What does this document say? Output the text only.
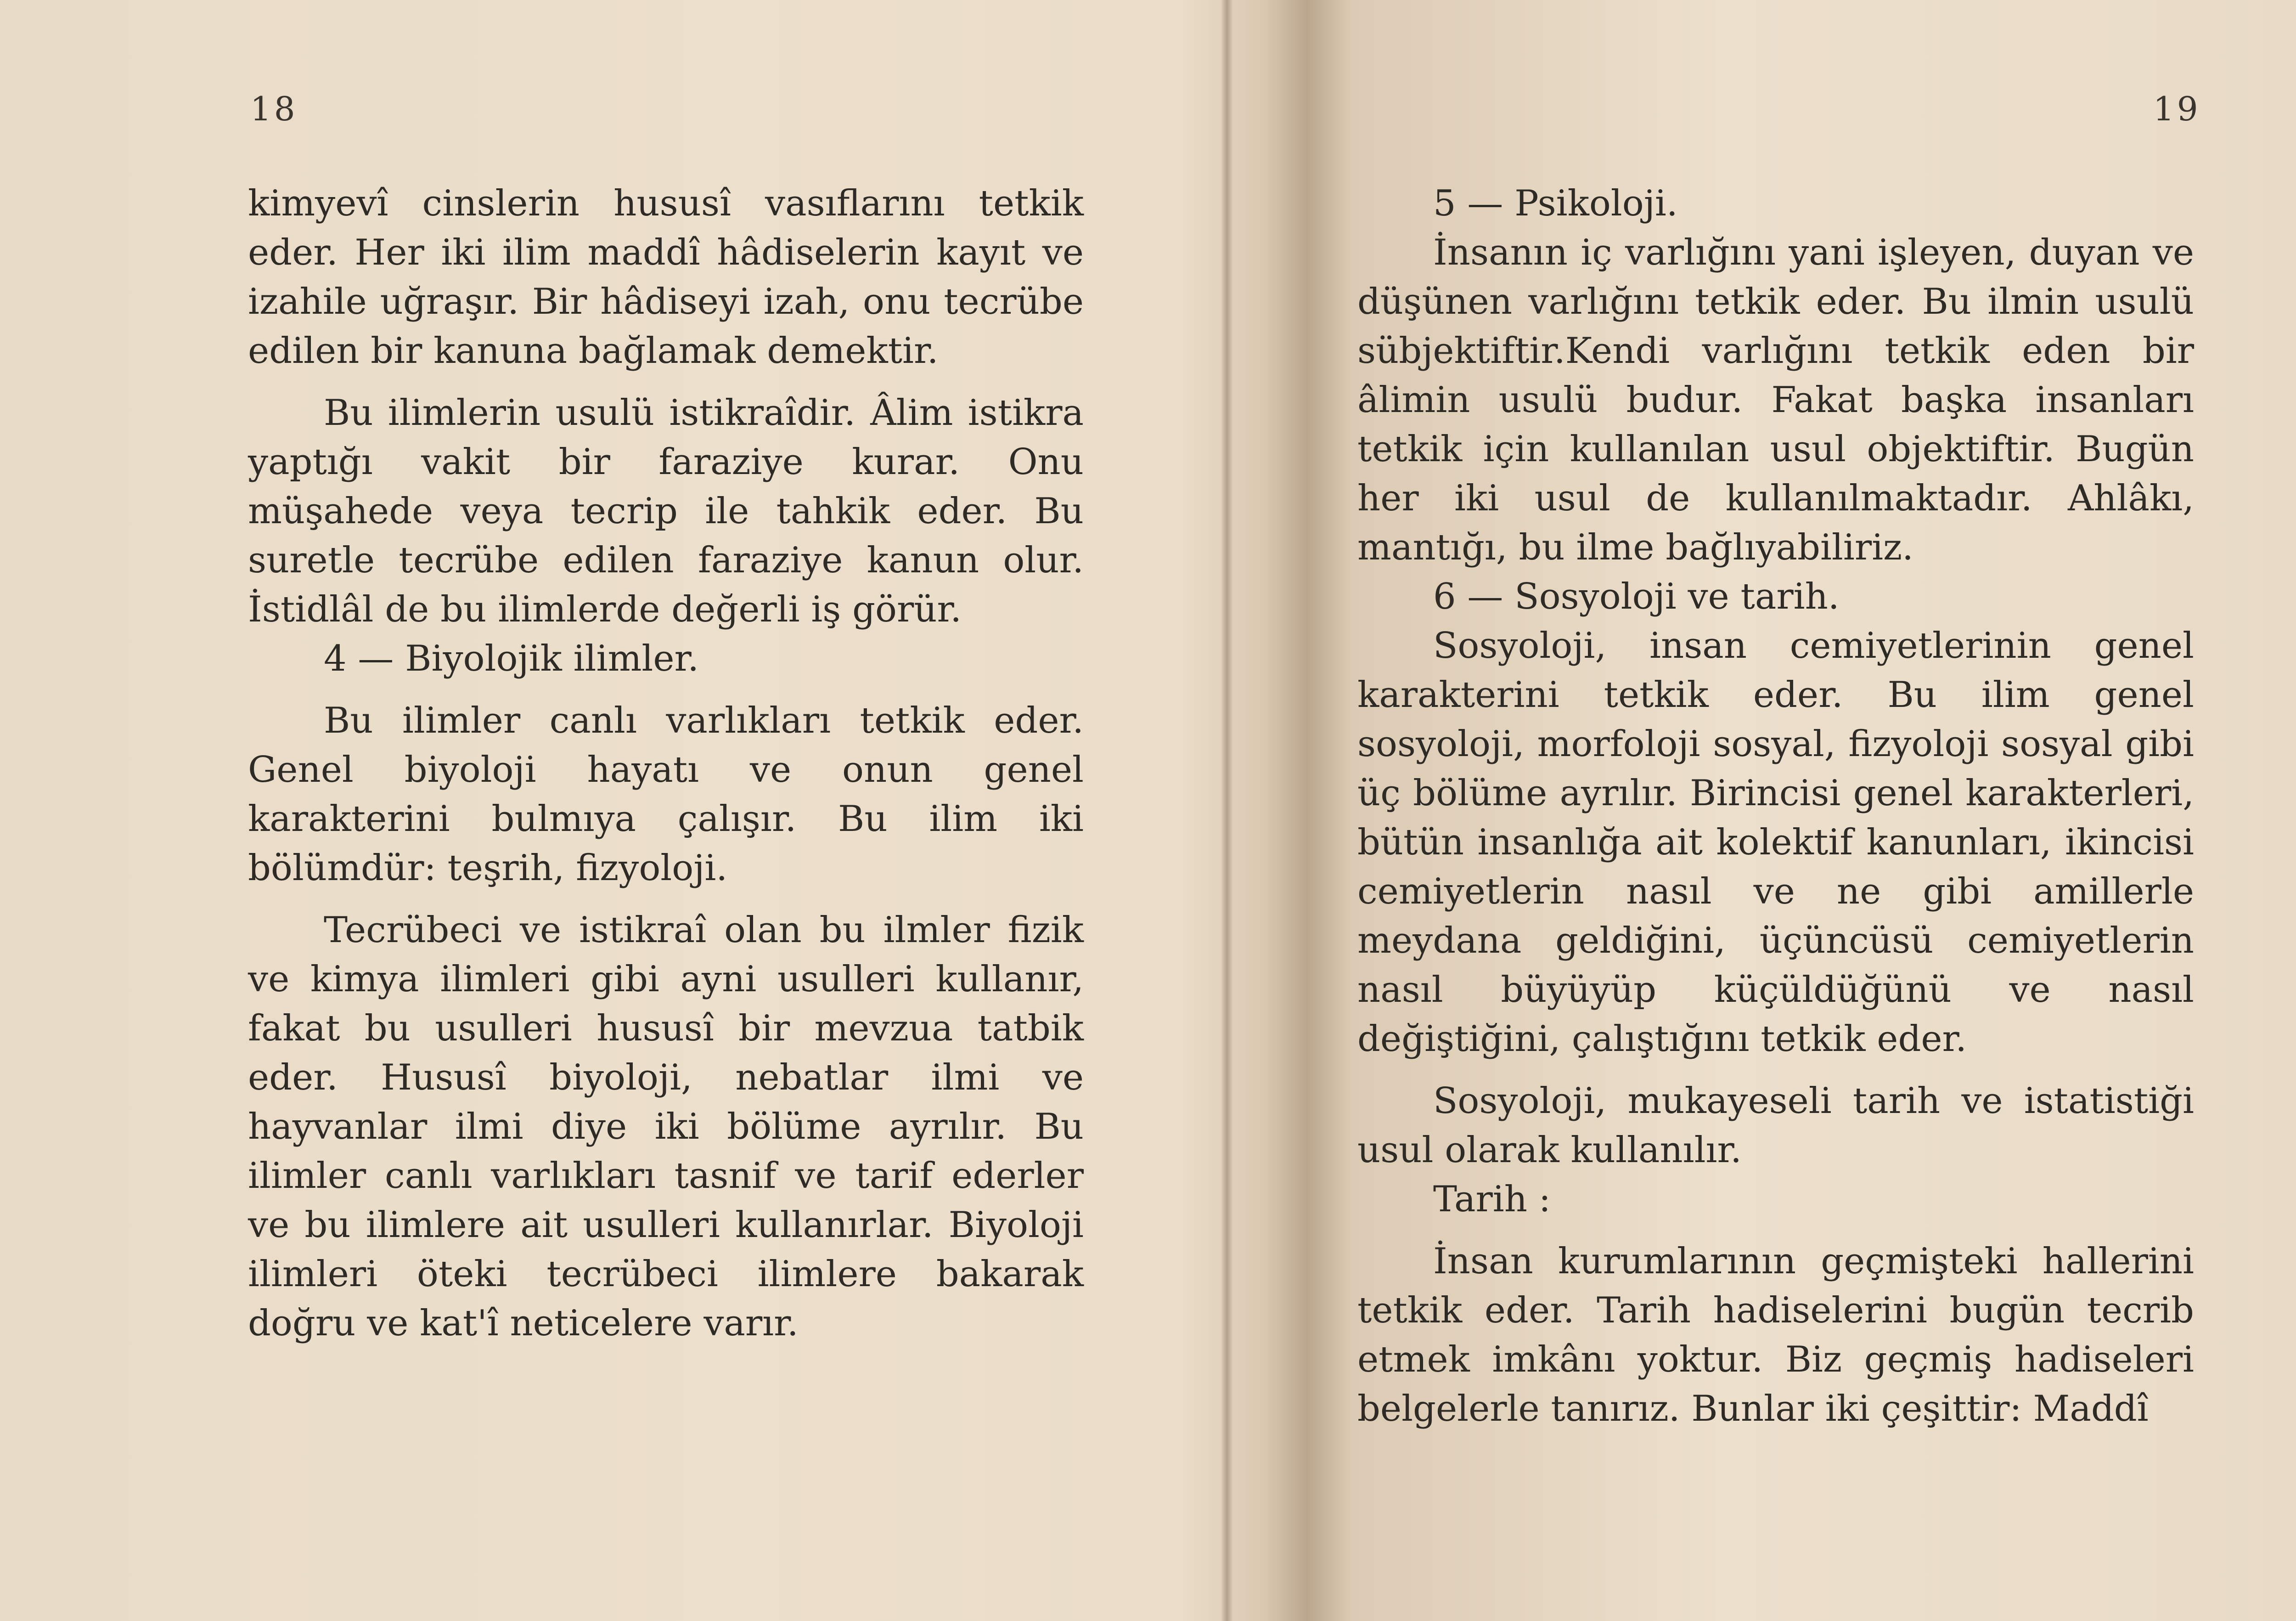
18

kimyevî cinslerin hususî vasıflarını tetkik eder. Her iki ilim maddî hâdiselerin kayıt ve izahile uğraşır. Bir hâdiseyi izah, onu tecrübe edilen bir kanuna bağlamak demektir.

Bu ilimlerin usulü istikraîdir. Âlim istikra yaptığı vakit bir faraziye kurar. Onu müşahede veya tecrip ile tahkik eder. Bu suretle tecrübe edilen faraziye kanun olur. İstidlâl de bu ilimlerde değerli iş görür.

4 — Biyolojik ilimler.

Bu ilimler canlı varlıkları tetkik eder. Genel biyoloji hayatı ve onun genel karakterini bulmıya çalışır. Bu ilim iki bölümdür: teşrih, fizyoloji.

Tecrübeci ve istikraî olan bu ilmler fizik ve kimya ilimleri gibi ayni usulleri kullanır, fakat bu usulleri hususî bir mevzua tatbik eder. Hususî biyoloji, nebatlar ilmi ve hayvanlar ilmi diye iki bölüme ayrılır. Bu ilimler canlı varlıkları tasnif ve tarif ederler ve bu ilimlere ait usulleri kullanırlar. Biyoloji ilimleri öteki tecrübeci ilimlere bakarak doğru ve kat'î neticelere varır.

19

5 — Psikoloji.

İnsanın iç varlığını yani işleyen, duyan ve düşünen varlığını tetkik eder. Bu ilmin usulü sübjektiftir.Kendi varlığını tetkik eden bir âlimin usulü budur. Fakat başka insanları tetkik için kullanılan usul objektiftir. Bugün her iki usul de kullanılmaktadır. Ahlâkı, mantığı, bu ilme bağlıyabiliriz.

6 — Sosyoloji ve tarih.

Sosyoloji, insan cemiyetlerinin genel karakterini tetkik eder. Bu ilim genel sosyoloji, morfoloji sosyal, fizyoloji sosyal gibi üç bölüme ayrılır. Birincisi genel karakterleri, bütün insanlığa ait kolektif kanunları, ikincisi cemiyetlerin nasıl ve ne gibi amillerle meydana geldiğini, üçüncüsü cemiyetlerin nasıl büyüyüp küçüldüğünü ve nasıl değiştiğini, çalıştığını tetkik eder.

Sosyoloji, mukayeseli tarih ve istatistiği usul olarak kullanılır.

Tarih :

İnsan kurumlarının geçmişteki hallerini tetkik eder. Tarih hadiselerini bugün tecrib etmek imkânı yoktur. Biz geçmiş hadiseleri belgelerle tanırız. Bunlar iki çeşittir: Maddî
